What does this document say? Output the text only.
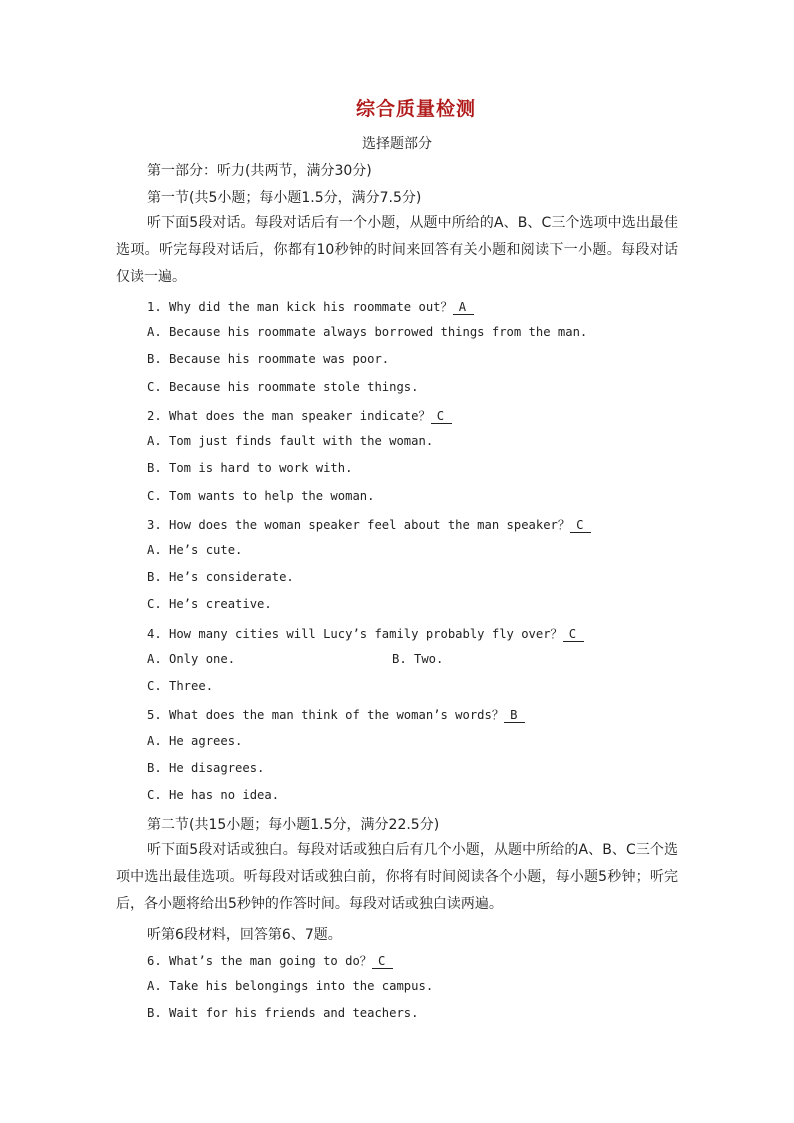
综合质量检测
选择题部分
第一部分：听力(共两节，满分30分)
第一节(共5小题；每小题1.5分，满分7.5分)
听下面5段对话。每段对话后有一个小题，从题中所给的A、B、C三个选项中选出最佳选项。听完每段对话后，你都有10秒钟的时间来回答有关小题和阅读下一小题。每段对话仅读一遍。
1. Why did the man kick his roommate out？ A
A. Because his roommate always borrowed things from the man.
B. Because his roommate was poor.
C. Because his roommate stole things.
2. What does the man speaker indicate？ C
A. Tom just finds fault with the woman.
B. Tom is hard to work with.
C. Tom wants to help the woman.
3. How does the woman speaker feel about the man speaker？ C
A. He’s cute.
B. He’s considerate.
C. He’s creative.
4. How many cities will Lucy’s family probably fly over？ C
A. Only one.	B. Two.
C. Three.
5. What does the man think of the woman’s words？ B
A. He agrees.
B. He disagrees.
C. He has no idea.
第二节(共15小题；每小题1.5分，满分22.5分)
听下面5段对话或独白。每段对话或独白后有几个小题，从题中所给的A、B、C三个选项中选出最佳选项。听每段对话或独白前，你将有时间阅读各个小题，每小题5秒钟；听完后，各小题将给出5秒钟的作答时间。每段对话或独白读两遍。
听第6段材料，回答第6、7题。
6. What’s the man going to do？ C
A. Take his belongings into the campus.
B. Wait for his friends and teachers.
